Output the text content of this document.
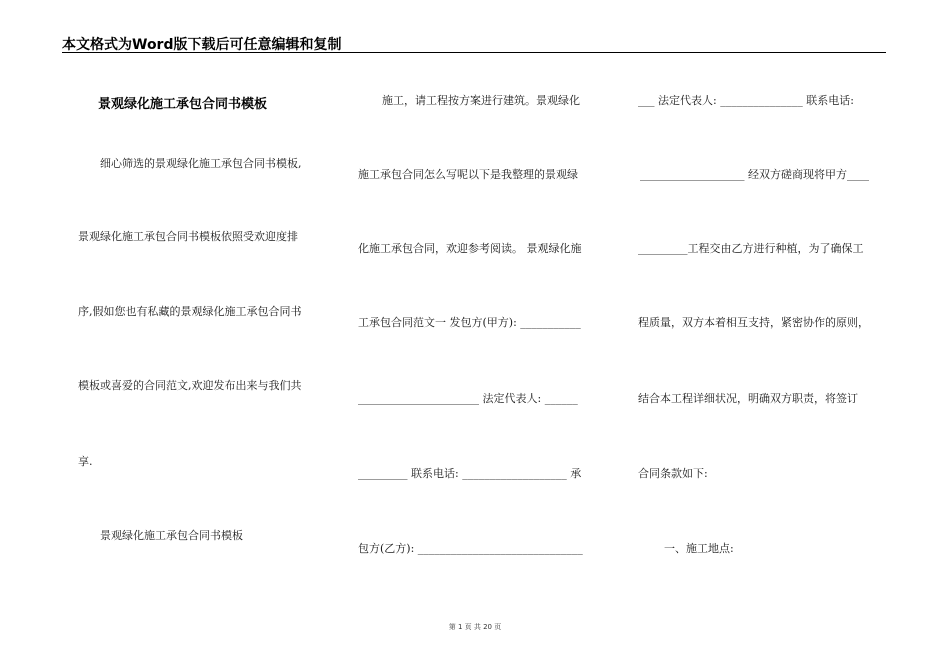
本文格式为Word版下载后可任意编辑和复制
景观绿化施工承包合同书模板
细心筛选的景观绿化施工承包合同书模板,
景观绿化施工承包合同书模板依照受欢迎度排
序,假如您也有私藏的景观绿化施工承包合同书
模板或喜爱的合同范文,欢迎发布出来与我们共
享.
景观绿化施工承包合同书模板
施工，请工程按方案进行建筑。景观绿化
施工承包合同怎么写呢以下是我整理的景观绿
化施工承包合同，欢迎参考阅读。 景观绿化施
工承包合同范文一 发包方(甲方): ___________
______________________ 法定代表人: ______
_________ 联系电话: ___________________ 承
包方(乙方): ______________________________
___ 法定代表人: _______________ 联系电话:
___________________ 经双方磋商现将甲方____
_________工程交由乙方进行种植，为了确保工
程质量，双方本着相互支持，紧密协作的原则，
结合本工程详细状况，明确双方职责，将签订
合同条款如下:
一、施工地点:
第 1 页 共 20 页
